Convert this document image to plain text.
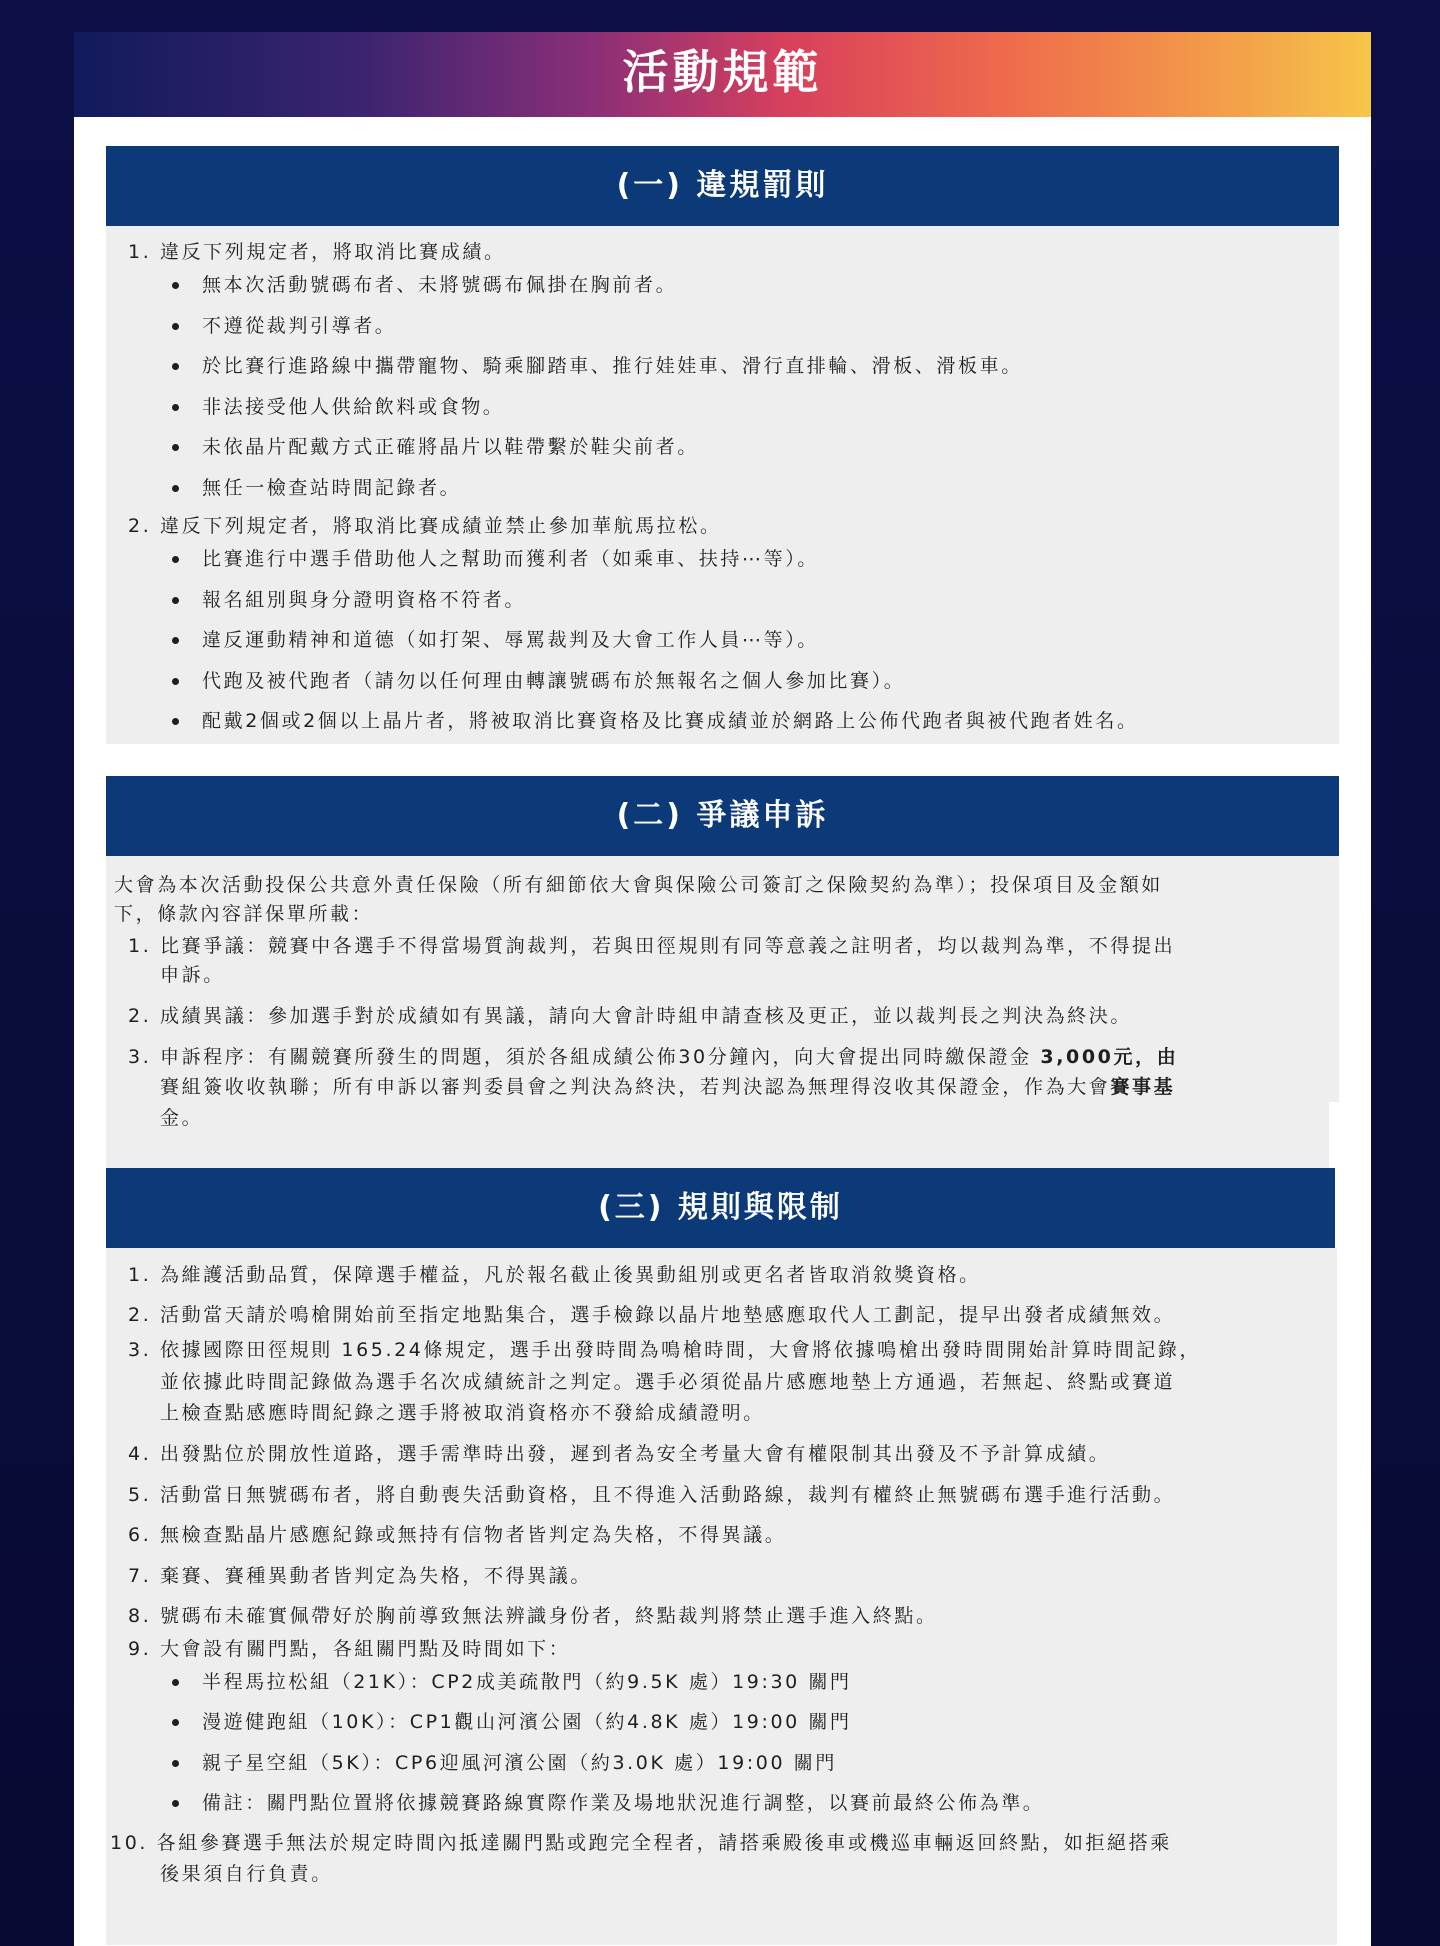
活動規範
(一) 違規罰則
1. 違反下列規定者，將取消比賽成績。
無本次活動號碼布者、未將號碼布佩掛在胸前者。
不遵從裁判引導者。
於比賽行進路線中攜帶寵物、騎乘腳踏車、推行娃娃車、滑行直排輪、滑板、滑板車。
非法接受他人供給飲料或食物。
未依晶片配戴方式正確將晶片以鞋帶繫於鞋尖前者。
無任一檢查站時間記錄者。
2. 違反下列規定者，將取消比賽成績並禁止參加華航馬拉松。
比賽進行中選手借助他人之幫助而獲利者（如乘車、扶持⋯等）。
報名組別與身分證明資格不符者。
違反運動精神和道德（如打架、辱罵裁判及大會工作人員⋯等）。
代跑及被代跑者（請勿以任何理由轉讓號碼布於無報名之個人參加比賽）。
配戴2個或2個以上晶片者，將被取消比賽資格及比賽成績並於網路上公佈代跑者與被代跑者姓名。
(二) 爭議申訴
大會為本次活動投保公共意外責任保險（所有細節依大會與保險公司簽訂之保險契約為準）；投保項目及金額如
下，條款內容詳保單所載：
1. 比賽爭議：競賽中各選手不得當場質詢裁判，若與田徑規則有同等意義之註明者，均以裁判為準，不得提出
申訴。
2. 成績異議：參加選手對於成績如有異議，請向大會計時組申請查核及更正，並以裁判長之判決為終決。
3. 申訴程序：有關競賽所發生的問題，須於各組成績公佈30分鐘內，向大會提出同時繳保證金 3,000元，由
賽組簽收收執聯；所有申訴以審判委員會之判決為終決，若判決認為無理得沒收其保證金，作為大會賽事基
金。
(三) 規則與限制
1. 為維護活動品質，保障選手權益，凡於報名截止後異動組別或更名者皆取消敘獎資格。
2. 活動當天請於鳴槍開始前至指定地點集合，選手檢錄以晶片地墊感應取代人工劃記，提早出發者成績無效。
3. 依據國際田徑規則 165.24條規定，選手出發時間為鳴槍時間，大會將依據鳴槍出發時間開始計算時間記錄，
並依據此時間記錄做為選手名次成績統計之判定。選手必須從晶片感應地墊上方通過，若無起、終點或賽道
上檢查點感應時間紀錄之選手將被取消資格亦不發給成績證明。
4. 出發點位於開放性道路，選手需準時出發，遲到者為安全考量大會有權限制其出發及不予計算成績。
5. 活動當日無號碼布者，將自動喪失活動資格，且不得進入活動路線，裁判有權終止無號碼布選手進行活動。
6. 無檢查點晶片感應紀錄或無持有信物者皆判定為失格，不得異議。
7. 棄賽、賽種異動者皆判定為失格，不得異議。
8. 號碼布未確實佩帶好於胸前導致無法辨識身份者，終點裁判將禁止選手進入終點。
9. 大會設有關門點，各組關門點及時間如下：
半程馬拉松組（21K）：CP2成美疏散門（約9.5K 處）19:30 關門
漫遊健跑組（10K）：CP1觀山河濱公園（約4.8K 處）19:00 關門
親子星空組（5K）：CP6迎風河濱公園（約3.0K 處）19:00 關門
備註：關門點位置將依據競賽路線實際作業及場地狀況進行調整，以賽前最終公佈為準。
10. 各組參賽選手無法於規定時間內抵達關門點或跑完全程者，請搭乘殿後車或機巡車輛返回終點，如拒絕搭乘
後果須自行負責。
